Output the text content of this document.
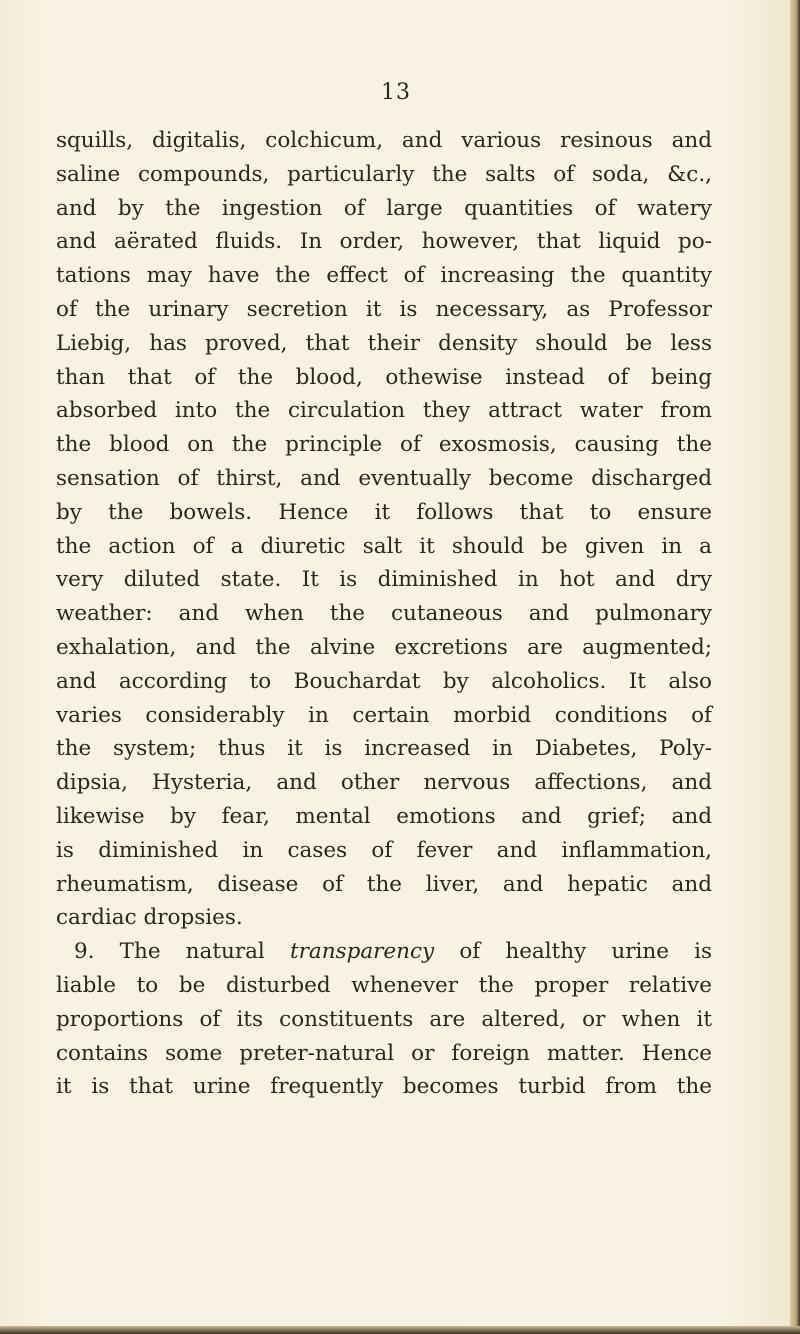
13
squills, digitalis, colchicum, and various resinous and
saline compounds, particularly the salts of soda, &c.,
and by the ingestion of large quantities of watery
and aërated fluids. In order, however, that liquid po-
tations may have the effect of increasing the quantity
of the urinary secretion it is necessary, as Professor
Liebig, has proved, that their density should be less
than that of the blood, othewise instead of being
absorbed into the circulation they attract water from
the blood on the principle of exosmosis, causing the
sensation of thirst, and eventually become discharged
by the bowels. Hence it follows that to ensure
the action of a diuretic salt it should be given in a
very diluted state. It is diminished in hot and dry
weather: and when the cutaneous and pulmonary
exhalation, and the alvine excretions are augmented;
and according to Bouchardat by alcoholics. It also
varies considerably in certain morbid conditions of
the system; thus it is increased in Diabetes, Poly-
dipsia, Hysteria, and other nervous affections, and
likewise by fear, mental emotions and grief; and
is diminished in cases of fever and inflammation,
rheumatism, disease of the liver, and hepatic and
cardiac dropsies.
9. The natural transparency of healthy urine is
liable to be disturbed whenever the proper relative
proportions of its constituents are altered, or when it
contains some preter-natural or foreign matter. Hence
it is that urine frequently becomes turbid from the
